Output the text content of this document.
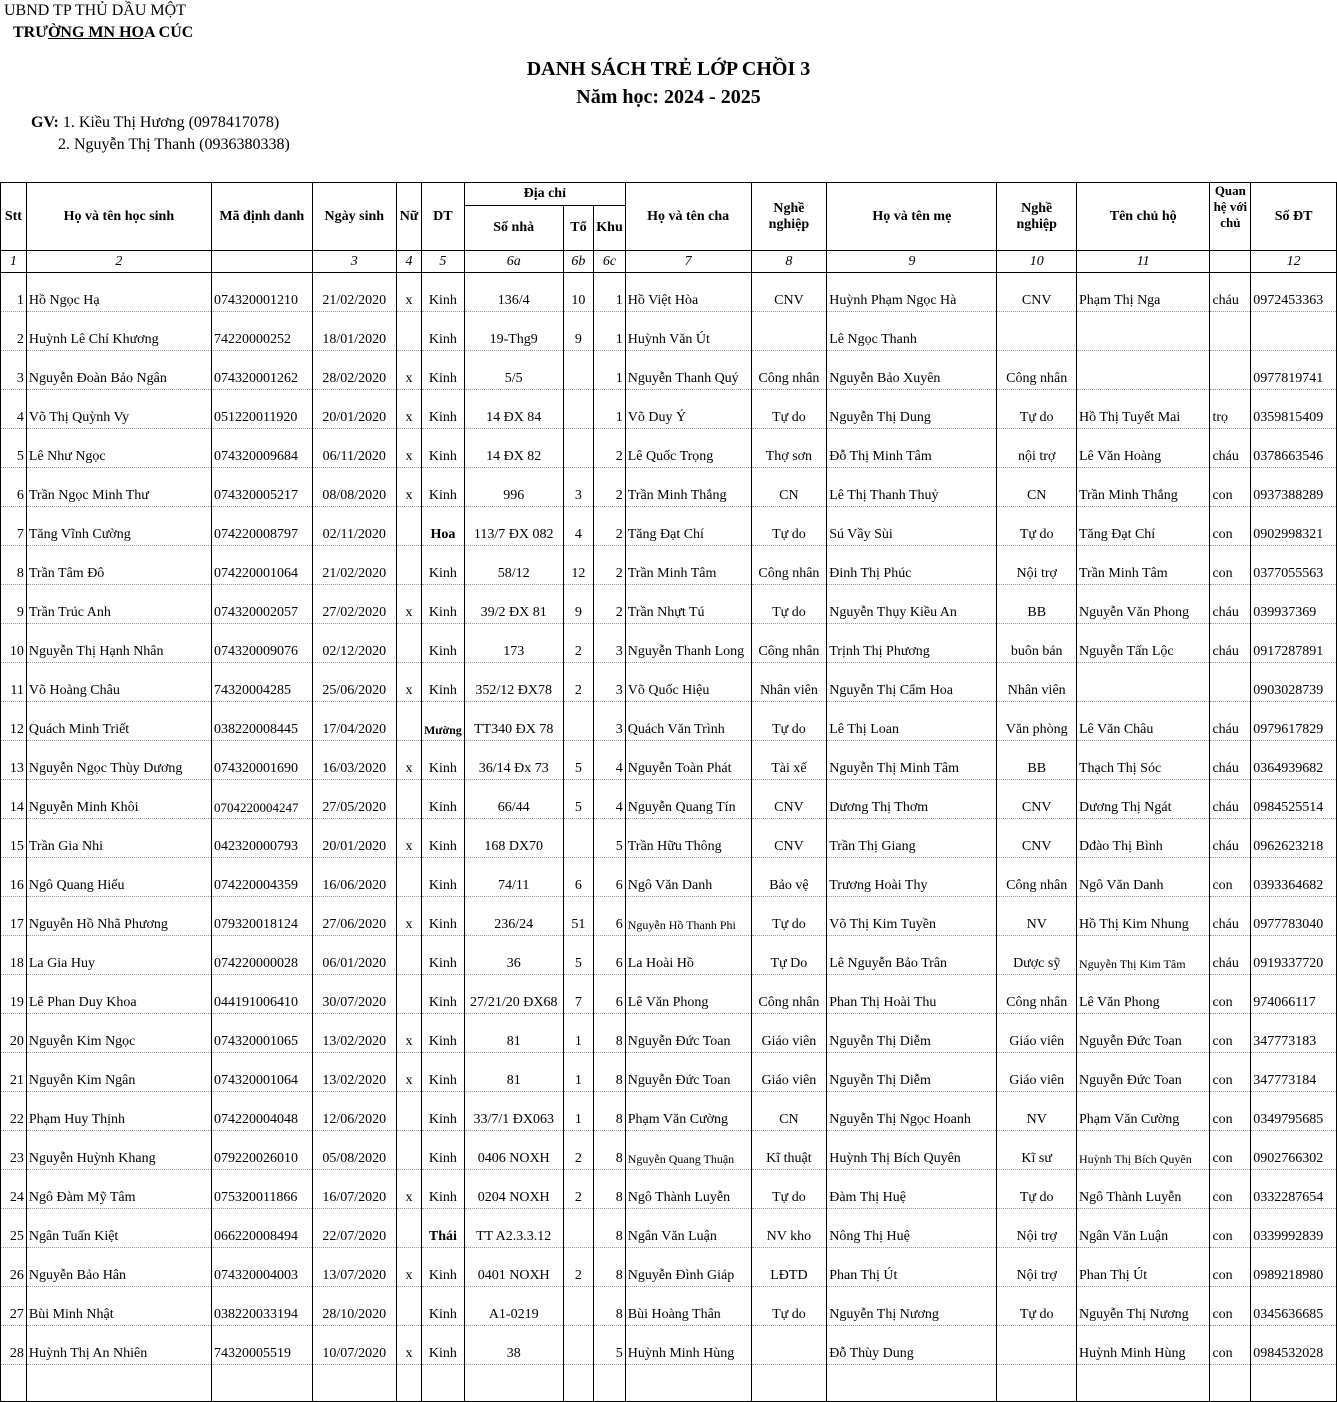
UBND TP THỦ DẦU MỘT
TRƯỜNG MN HOA CÚC
DANH SÁCH TRẺ LỚP CHỒI 3
Năm học: 2024 - 2025
GV: 1. Kiều Thị Hương (0978417078)
2. Nguyễn Thị Thanh (0936380338)
Stt	Họ và tên học sinh	Mã định danh	Ngày sinh	Nữ	DT	Địa chỉ			Họ và tên cha	Nghề nghiệp	Họ và tên mẹ	Nghề nghiệp	Tên chủ hộ	Quan hệ với chủ	Số ĐT
						Số nhà	Tổ	Khu							
1	2		3	4	5	6a	6b	6c	7	8	9	10	11		12
1	Hồ Ngọc Hạ	074320001210	21/02/2020	x	Kinh	136/4	10	1	Hồ Việt Hòa	CNV	Huỳnh Phạm Ngọc Hà	CNV	Phạm Thị Nga	cháu	0972453363
2	Huỳnh Lê Chí Khương	74220000252	18/01/2020		Kinh	19-Thg9	9	1	Huỳnh Văn Út		Lê Ngọc Thanh				
3	Nguyễn Đoàn Bảo Ngân	074320001262	28/02/2020	x	Kinh	5/5		1	Nguyễn Thanh Quý	Công nhân	Nguyễn Bảo Xuyên	Công nhân			0977819741
4	Võ Thị Quỳnh Vy	051220011920	20/01/2020	x	Kinh	14 ĐX 84		1	Võ Duy Ý	Tự do	Nguyễn Thị Dung	Tự do	Hồ Thị Tuyết Mai	trọ	0359815409
5	Lê Như Ngọc	074320009684	06/11/2020	x	Kinh	14 ĐX 82		2	Lê Quốc Trọng	Thợ sơn	Đỗ Thị Minh Tâm	nội trợ	Lê Văn Hoàng	cháu	0378663546
6	Trần Ngọc Minh Thư	074320005217	08/08/2020	x	Kinh	996	3	2	Trần Minh Thắng	CN	Lê Thị Thanh Thuỷ	CN	Trần Minh Thắng	con	0937388289
7	Tăng Vĩnh Cường	074220008797	02/11/2020		Hoa	113/7 ĐX 082	4	2	Tăng Đạt Chí	Tự do	Sú Vầy Sùi	Tự do	Tăng Đạt Chí	con	0902998321
8	Trần Tâm Đô	074220001064	21/02/2020		Kinh	58/12	12	2	Trần Minh Tâm	Công nhân	Đinh Thị Phúc	Nội trợ	Trần Minh Tâm	con	0377055563
9	Trần Trúc Anh	074320002057	27/02/2020	x	Kinh	39/2 ĐX 81	9	2	Trần Nhựt Tú	Tự do	Nguyễn Thụy Kiều An	BB	Nguyễn Văn Phong	cháu	039937369
10	Nguyễn Thị Hạnh Nhân	074320009076	02/12/2020		Kinh	173	2	3	Nguyễn Thanh Long	Công nhân	Trịnh Thị Phương	buôn bán	Nguyễn Tấn Lộc	cháu	0917287891
11	Võ Hoàng Châu	74320004285	25/06/2020	x	Kinh	352/12 ĐX78	2	3	Võ Quốc Hiệu	Nhân viên	Nguyễn Thị Cẩm Hoa	Nhân viên			0903028739
12	Quách Minh Triết	038220008445	17/04/2020		Mường	TT340 ĐX 78		3	Quách Văn Trình	Tự do	Lê Thị Loan	Văn phòng	Lê Văn Châu	cháu	0979617829
13	Nguyễn Ngọc Thùy Dương	074320001690	16/03/2020	x	Kinh	36/14 Đx 73	5	4	Nguyễn Toàn Phát	Tài xế	Nguyễn Thị Minh Tâm	BB	Thạch Thị Sóc	cháu	0364939682
14	Nguyễn Minh Khôi	0704220004247	27/05/2020		Kinh	66/44	5	4	Nguyễn Quang Tín	CNV	Dương Thị Thơm	CNV	Dương Thị Ngát	cháu	0984525514
15	Trần Gia Nhi	042320000793	20/01/2020	x	Kinh	168 DX70		5	Trần Hữu Thông	CNV	Trần Thị Giang	CNV	Dđào Thị Bình	cháu	0962623218
16	Ngô Quang Hiếu	074220004359	16/06/2020		Kinh	74/11	6	6	Ngô Văn Danh	Bảo vệ	Trương Hoài Thy	Công nhân	Ngô Văn Danh	con	0393364682
17	Nguyễn Hồ Nhã Phương	079320018124	27/06/2020	x	Kinh	236/24	51	6	Nguyễn Hồ Thanh Phi	Tự do	Võ Thị Kim Tuyền	NV	Hồ Thị Kim Nhung	cháu	0977783040
18	La Gia Huy	074220000028	06/01/2020		Kinh	36	5	6	La Hoài Hồ	Tự Do	Lê Nguyễn Bảo Trân	Dược sỹ	Nguyễn Thị Kim Tâm	cháu	0919337720
19	Lê Phan Duy Khoa	044191006410	30/07/2020		Kinh	27/21/20 ĐX68	7	6	Lê Văn Phong	Công nhân	Phan Thị Hoài Thu	Công nhân	Lê Văn Phong	con	974066117
20	Nguyễn Kim Ngọc	074320001065	13/02/2020	x	Kinh	81	1	8	Nguyễn Đức Toan	Giáo viên	Nguyễn Thị Diễm	Giáo viên	Nguyễn Đức Toan	con	347773183
21	Nguyễn Kim Ngân	074320001064	13/02/2020	x	Kinh	81	1	8	Nguyễn Đức Toan	Giáo viên	Nguyễn Thị Diễm	Giáo viên	Nguyễn Đức Toan	con	347773184
22	Phạm Huy Thịnh	074220004048	12/06/2020		Kinh	33/7/1 ĐX063	1	8	Phạm Văn Cường	CN	Nguyễn Thị Ngọc Hoanh	NV	Phạm Văn Cường	con	0349795685
23	Nguyễn Huỳnh Khang	079220026010	05/08/2020		Kinh	0406 NOXH	2	8	Nguyễn Quang Thuận	Kĩ thuật	Huỳnh Thị Bích Quyên	Kĩ sư	Huỳnh Thị Bích Quyên	con	0902766302
24	Ngô Đàm Mỹ Tâm	075320011866	16/07/2020	x	Kinh	0204 NOXH	2	8	Ngô Thành Luyễn	Tự do	Đàm Thị Huệ	Tự do	Ngô Thành Luyễn	con	0332287654
25	Ngân Tuấn Kiệt	066220008494	22/07/2020		Thái	TT A2.3.3.12		8	Ngân Văn Luận	NV kho	Nông Thị Huệ	Nội trợ	Ngân Văn Luận	con	0339992839
26	Nguyễn Bảo Hân	074320004003	13/07/2020	x	Kinh	0401 NOXH	2	8	Nguyễn Đình Giáp	LĐTD	Phan Thị Út	Nội trợ	Phan Thị Út	con	0989218980
27	Bùi Minh Nhật	038220033194	28/10/2020		Kinh	A1-0219		8	Bùi Hoàng Thân	Tự do	Nguyễn Thị Nương	Tự do	Nguyễn Thị Nương	con	0345636685
28	Huỳnh Thị An Nhiên	74320005519	10/07/2020	x	Kinh	38		5	Huỳnh Minh Hùng		Đỗ Thùy Dung		Huỳnh Minh Hùng	con	0984532028
